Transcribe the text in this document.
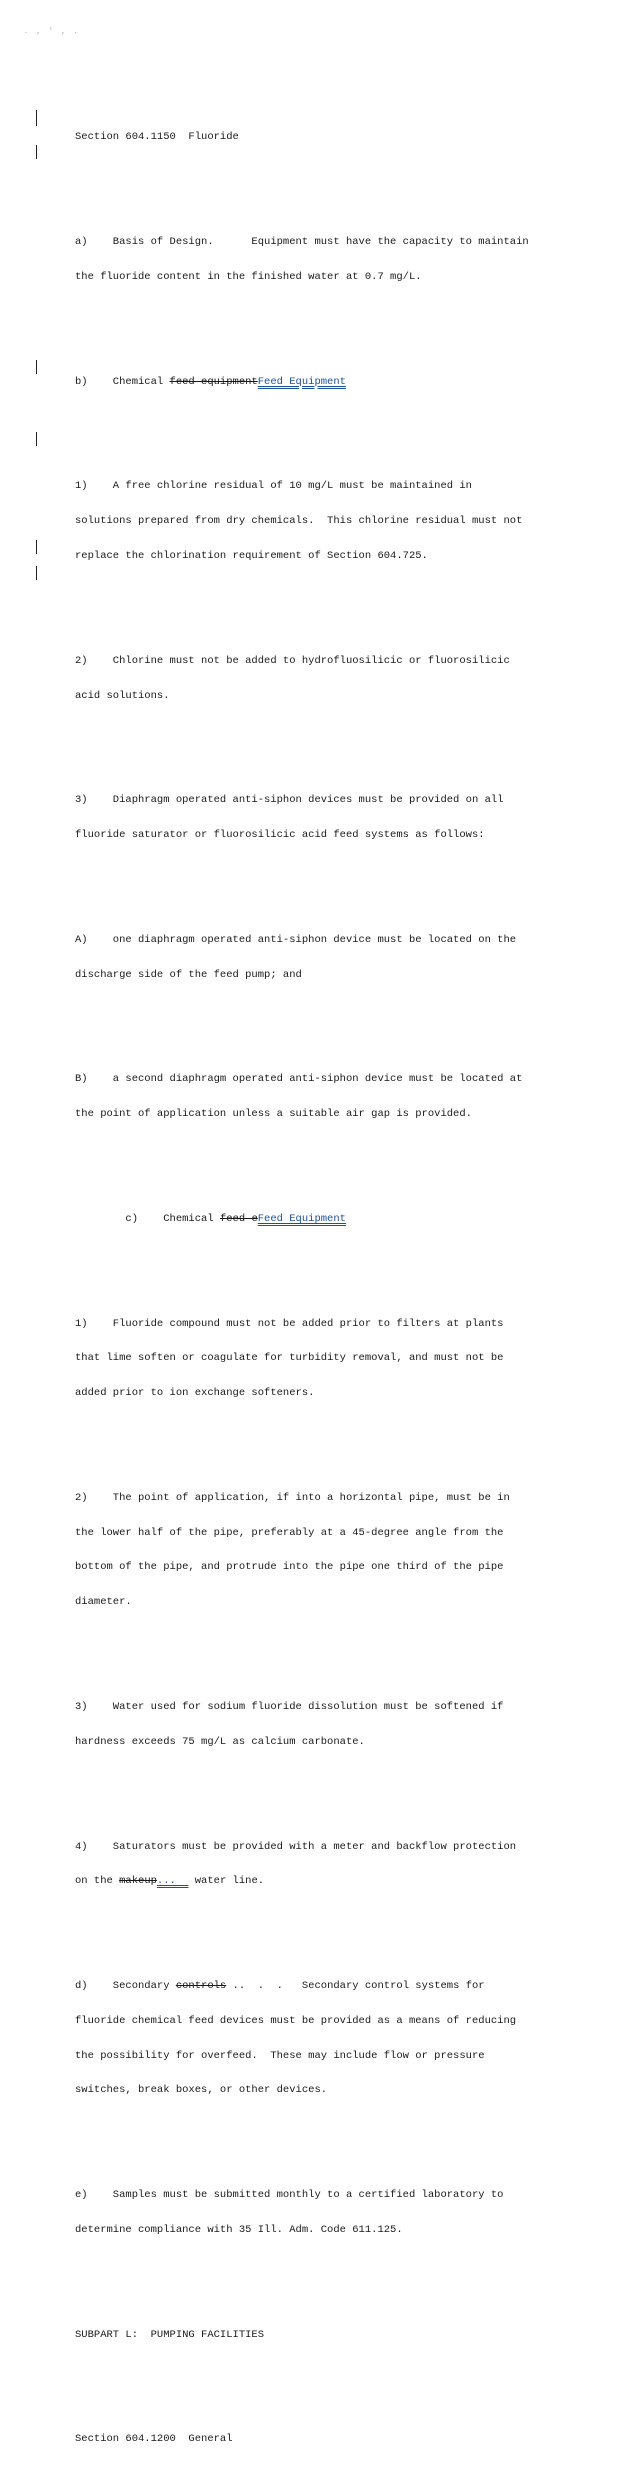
. , ' , .

Section 604.1150  Fluoride

a)    Basis of Design.      Equipment must have the capacity to maintain

the fluoride content in the finished water at 0.7 mg/L.

b)    Chemical feed equipmentFeed Equipment

1)    A free chlorine residual of 10 mg/L must be maintained in

solutions prepared from dry chemicals.  This chlorine residual must not

replace the chlorination requirement of Section 604.725.

2)    Chlorine must not be added to hydrofluosilicic or fluorosilicic

acid solutions.

3)    Diaphragm operated anti-siphon devices must be provided on all

fluoride saturator or fluorosilicic acid feed systems as follows:

A)    one diaphragm operated anti-siphon device must be located on the

discharge side of the feed pump; and

B)    a second diaphragm operated anti-siphon device must be located at

the point of application unless a suitable air gap is provided.

c)    Chemical feed eFeed Equipment

1)    Fluoride compound must not be added prior to filters at plants

that lime soften or coagulate for turbidity removal, and must not be

added prior to ion exchange softeners.

2)    The point of application, if into a horizontal pipe, must be in

the lower half of the pipe, preferably at a 45-degree angle from the

bottom of the pipe, and protrude into the pipe one third of the pipe

diameter.

3)    Water used for sodium fluoride dissolution must be softened if

hardness exceeds 75 mg/L as calcium carbonate.

4)    Saturators must be provided with a meter and backflow protection

on the makeup...   water line.

d)    Secondary controls ..  .  .   Secondary control systems for

fluoride chemical feed devices must be provided as a means of reducing

the possibility for overfeed.  These may include flow or pressure

switches, break boxes, or other devices.

e)    Samples must be submitted monthly to a certified laboratory to

determine compliance with 35 Ill. Adm. Code 611.125.

SUBPART L:  PUMPING FACILITIES

Section 604.1200  General
